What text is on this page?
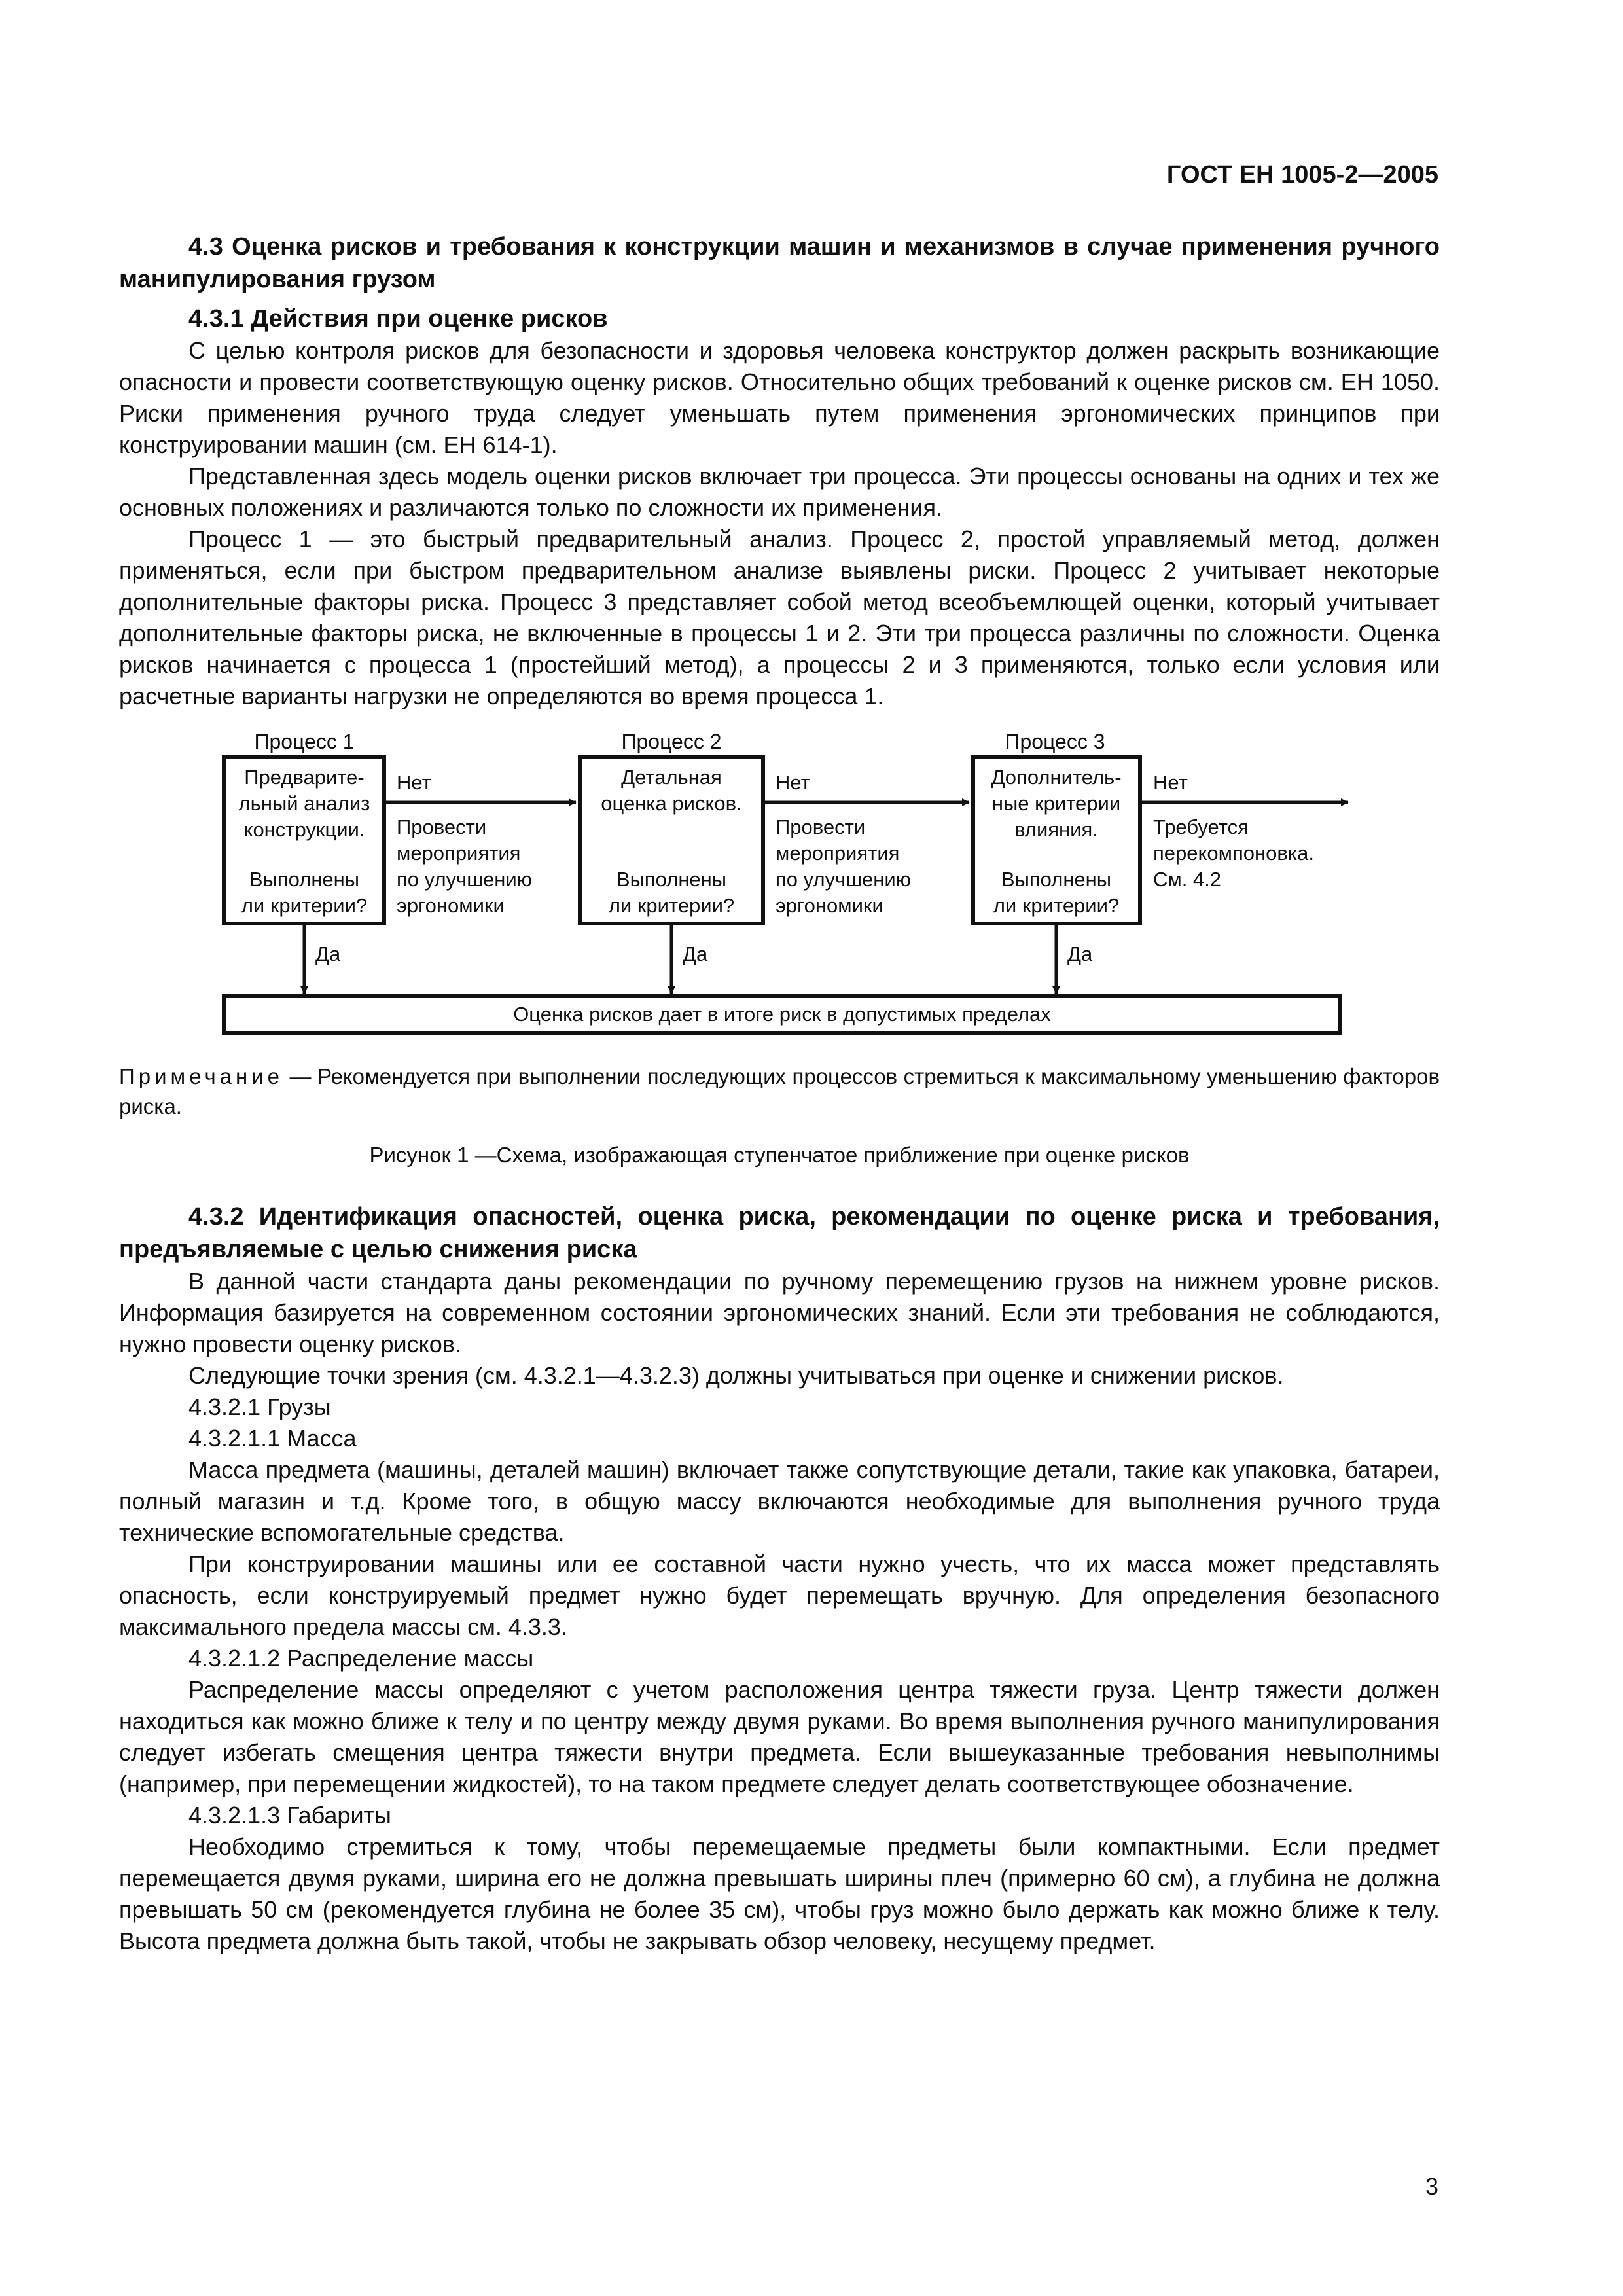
ГОСТ ЕН 1005-2—2005
4.3 Оценка рисков и требования к конструкции машин и механизмов в случае применения ручного манипулирования грузом
4.3.1 Действия при оценке рисков

С целью контроля рисков для безопасности и здоровья человека конструктор должен раскрыть возникающие опасности и провести соответствующую оценку рисков. Относительно общих требований к оценке рисков см. ЕН 1050. Риски применения ручного труда следует уменьшать путем применения эргономических принципов при конструировании машин (см. ЕН 614-1).

Представленная здесь модель оценки рисков включает три процесса. Эти процессы основаны на одних и тех же основных положениях и различаются только по сложности их применения.

Процесс 1 — это быстрый предварительный анализ. Процесс 2, простой управляемый метод, должен применяться, если при быстром предварительном анализе выявлены риски. Процесс 2 учитывает некоторые дополнительные факторы риска. Процесс 3 представляет собой метод всеобъемлющей оценки, который учитывает дополнительные факторы риска, не включенные в процессы 1 и 2. Эти три процесса различны по сложности. Оценка рисков начинается с процесса 1 (простейший метод), а процессы 2 и 3 применяются, только если условия или расчетные варианты нагрузки не определяются во время процесса 1.

Процесс 1	Процесс 2	Процесс 3
Предварите-
льный анализ
конструкции.
Выполнены
ли критерии?
Детальная
оценка рисков.
Выполнены
ли критерии?
Дополнитель-
ные критерии
влияния.
Выполнены
ли критерии?
Нет	Нет	Нет
Провести
мероприятия
по улучшению
эргономики
Провести
мероприятия
по улучшению
эргономики
Требуется
перекомпоновка.
См. 4.2
Да	Да	Да
Оценка рисков дает в итоге риск в допустимых пределах
Примечание — Рекомендуется при выполнении последующих процессов стремиться к максимальному уменьшению факторов риска.
Рисунок 1 —Схема, изображающая ступенчатое приближение при оценке рисков
4.3.2 Идентификация опасностей, оценка риска, рекомендации по оценке риска и требования, предъявляемые с целью снижения риска

В данной части стандарта даны рекомендации по ручному перемещению грузов на нижнем уровне рисков. Информация базируется на современном состоянии эргономических знаний. Если эти требования не соблюдаются, нужно провести оценку рисков.

Следующие точки зрения (см. 4.3.2.1—4.3.2.3) должны учитываться при оценке и снижении рисков.

4.3.2.1 Грузы

4.3.2.1.1 Масса

Масса предмета (машины, деталей машин) включает также сопутствующие детали, такие как упаковка, батареи, полный магазин и т.д. Кроме того, в общую массу включаются необходимые для выполнения ручного труда технические вспомогательные средства.

При конструировании машины или ее составной части нужно учесть, что их масса может представлять опасность, если конструируемый предмет нужно будет перемещать вручную. Для определения безопасного максимального предела массы см. 4.3.3.

4.3.2.1.2 Распределение массы

Распределение массы определяют с учетом расположения центра тяжести груза. Центр тяжести должен находиться как можно ближе к телу и по центру между двумя руками. Во время выполнения ручного манипулирования следует избегать смещения центра тяжести внутри предмета. Если вышеуказанные требования невыполнимы (например, при перемещении жидкостей), то на таком предмете следует делать соответствующее обозначение.

4.3.2.1.3 Габариты

Необходимо стремиться к тому, чтобы перемещаемые предметы были компактными. Если предмет перемещается двумя руками, ширина его не должна превышать ширины плеч (примерно 60 см), а глубина не должна превышать 50 см (рекомендуется глубина не более 35 см), чтобы груз можно было держать как можно ближе к телу. Высота предмета должна быть такой, чтобы не закрывать обзор человеку, несущему предмет.

3
